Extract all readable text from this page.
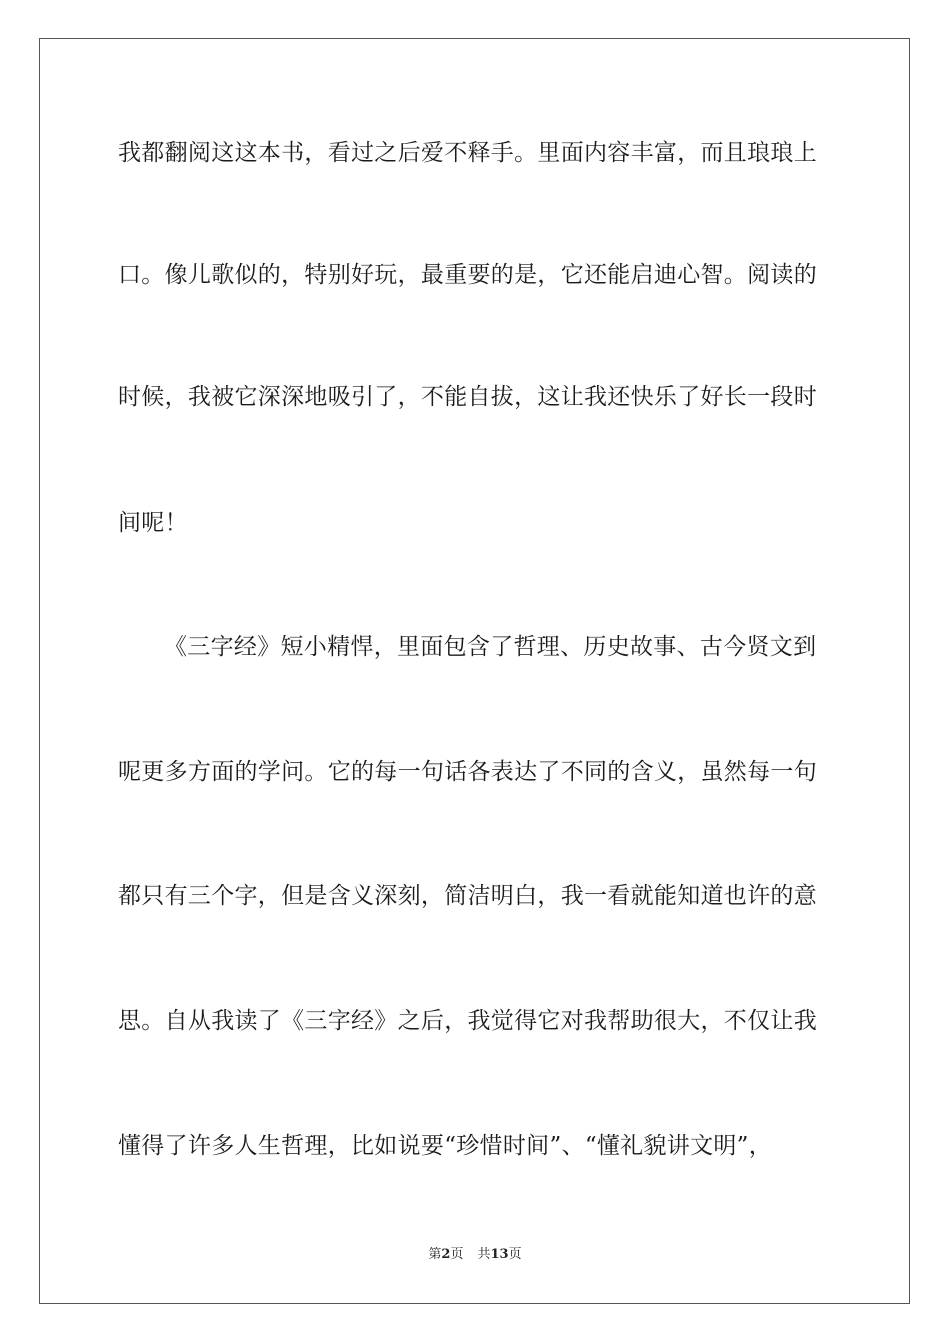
我都翻阅这这本书，看过之后爱不释手。里面内容丰富，而且琅琅上
口。像儿歌似的，特别好玩，最重要的是，它还能启迪心智。阅读的
时候，我被它深深地吸引了，不能自拔，这让我还快乐了好长一段时
间呢！
《三字经》短小精悍，里面包含了哲理、历史故事、古今贤文到
呢更多方面的学问。它的每一句话各表达了不同的含义，虽然每一句
都只有三个字，但是含义深刻，简洁明白，我一看就能知道也许的意
思。自从我读了《三字经》之后，我觉得它对我帮助很大，不仅让我
懂得了许多人生哲理，比如说要“珍惜时间”、“懂礼貌讲文明”，
第2页 共13页
